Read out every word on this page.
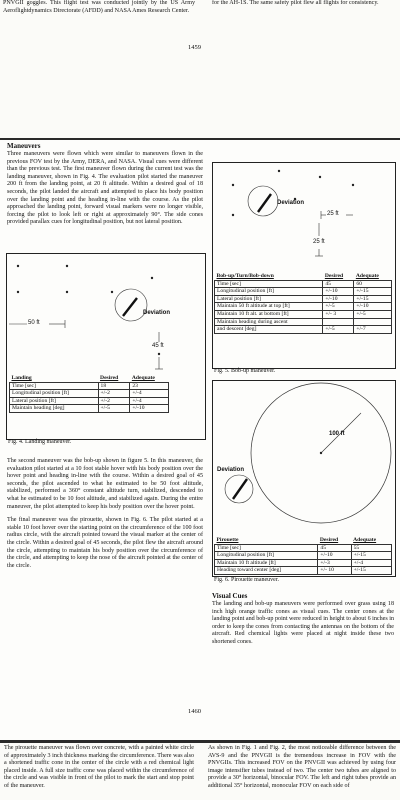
PNVGII goggles. This flight test was conducted jointly by the US Army Aeroflightdynamics Directorate (AFDD) and NASA Ames Research Center.

for the AH-1S. The same safety pilot flew all flights for consistency.

1459
Maneuvers

Three maneuvers were flown which were similar to maneuvers flown in the previous FOV test by the Army, DERA, and NASA. Visual cues were different than the previous test. The first maneuver flown during the current test was the landing maneuver, shown in Fig. 4. The evaluation pilot started the maneuver 200 ft from the landing point, at 20 ft altitude. Within a desired goal of 18 seconds, the pilot landed the aircraft and attempted to place his body position over the landing point and the heading in-line with the course. As the pilot approached the landing point, forward visual markers were no longer visible, forcing the pilot to look left or right at approximately 90°. The side cones provided parallax cues for longitudinal position, but not lateral position.

Deviation
50 ft
45 ft
Landing	Desired	Adequate
Time [sec]	18	23
Longitudinal position [ft]	+/-2	+/-4
Lateral position [ft]	+/-2	+/-4
Maintain heading [deg]	+/-5	+/-10
Fig. 4. Landing maneuver.

The second maneuver was the bob-up shown in figure 5. In this maneuver, the evaluation pilot started at a 10 foot stable hover with his body position over the hover point and heading in-line with the course. Within a desired goal of 45 seconds, the pilot ascended to what he estimated to be 50 foot altitude, stabilized, performed a 360° constant altitude turn, stabilized, descended to what he estimated to be 10 foot altitude, and stabilized again. During the entire maneuver, the pilot attempted to keep his body position over the hover point.

The final maneuver was the pirouette, shown in Fig. 6. The pilot started at a stable 10 foot hover over the starting point on the circumference of the 100 foot radius circle, with the aircraft pointed toward the visual marker at the center of the circle. Within a desired goal of 45 seconds, the pilot flew the aircraft around the circle, attempting to maintain his body position over the circumference of the circle, and attempting to keep the nose of the aircraft pointed at the center of the circle.

Deviation
25 ft
25 ft
Bob-up/Turn/Bob-down	Desired	Adequate
Time [sec]	45	60
Longitudinal position [ft]	+/-10	+/-15
Lateral position [ft]	+/-10	+/-15
Maintain 50 ft altitude at top [ft]	+/-5	+/-10
Maintain 10 ft alt. at bottom [ft]	+/- 3	+/-5
Maintain heading during ascent		
and descent [deg]	+/-5	+/-7
Fig. 5. Bob-up maneuver.
100 ft
Deviation
Pirouette	Desired	Adequate
Time [sec]	45	55
Longitudinal position [ft]	+/-10	+/-15
Maintain 10 ft altitude [ft]	+/-3	+/-4
Heading toward center [deg]	+/- 10	+/-15
Fig. 6. Pirouette maneuver.
Visual Cues

The landing and bob-up maneuvers were performed over grass using 18 inch high orange traffic cones as visual cues. The center cones at the landing point and bob-up point were reduced in height to about 6 inches in order to keep the cones from contacting the antennas on the bottom of the aircraft. Red chemical lights were placed at night inside these two shortened cones.

1460

The pirouette maneuver was flown over concrete, with a painted white circle of approximately 3 inch thickness marking the circumference. There was also a shortened traffic cone in the center of the circle with a red chemical light placed inside. A full size traffic cone was placed within the circumference of the circle and was visible in front of the pilot to mark the start and stop point of the maneuver.

As shown in Fig. 1 and Fig. 2, the most noticeable difference between the AVS-9 and the PNVGII is the tremendous increase in FOV with the PNVGIIs. This increased FOV on the PNVGII was achieved by using four image intensifier tubes instead of two. The center two tubes are aligned to provide a 30° horizontal, binocular FOV. The left and right tubes provide an additional 35° horizontal, monocular FOV on each side of
